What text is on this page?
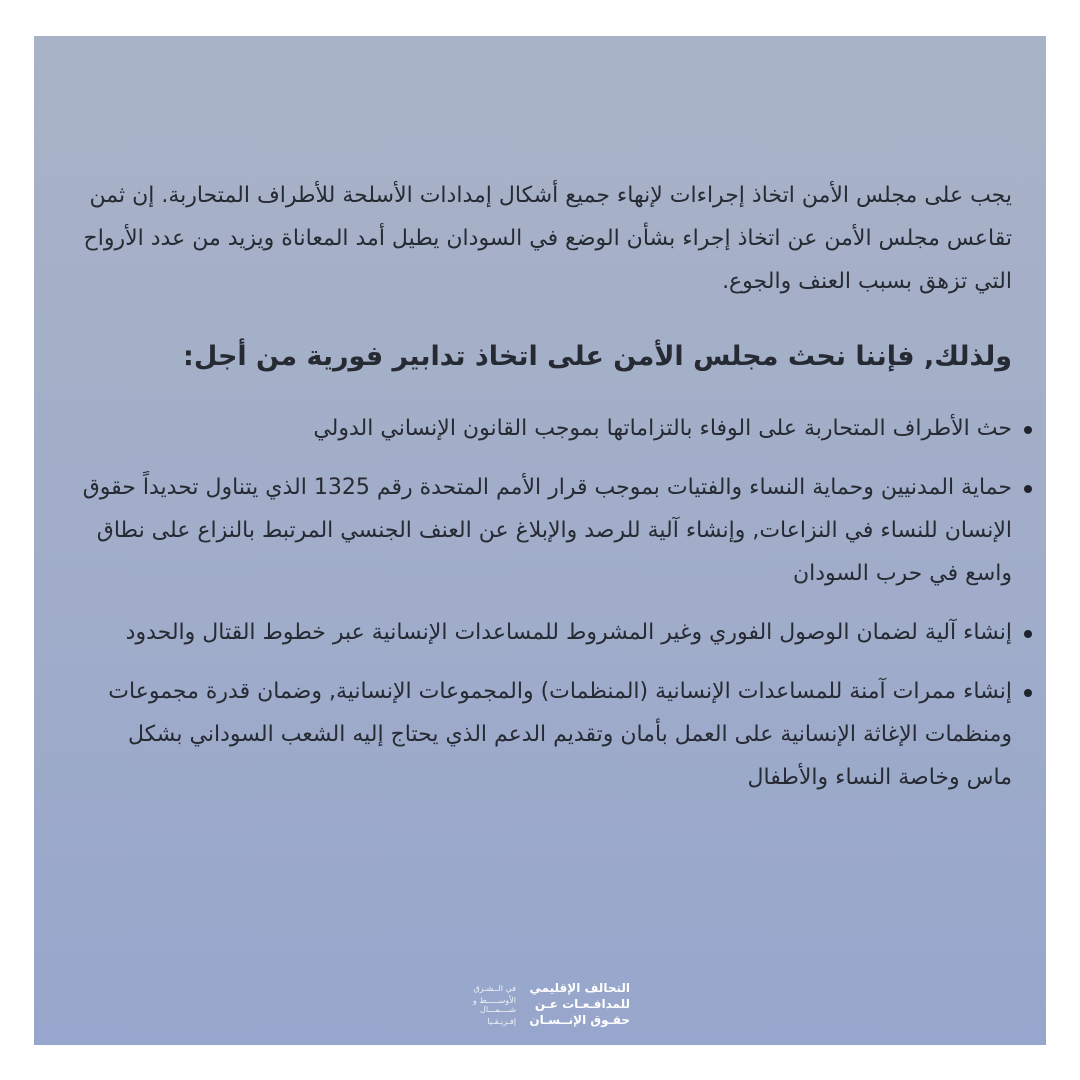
يجب على مجلس الأمن اتخاذ إجراءات لإنهاء جميع أشكال إمدادات الأسلحة للأطراف المتحاربة. إن ثمن تقاعس مجلس الأمن عن اتخاذ إجراء بشأن الوضع في السودان يطيل أمد المعاناة ويزيد من عدد الأرواح التي تزهق بسبب العنف والجوع.

ولذلك, فإننا نحث مجلس الأمن على اتخاذ تدابير فورية من أجل:
حث الأطراف المتحاربة على الوفاء بالتزاماتها بموجب القانون الإنساني الدولي
حماية المدنيين وحماية النساء والفتيات بموجب قرار الأمم المتحدة رقم 1325 الذي يتناول تحديداً حقوق الإنسان للنساء في النزاعات, وإنشاء آلية للرصد والإبلاغ عن العنف الجنسي المرتبط بالنزاع على نطاق واسع في حرب السودان
إنشاء آلية لضمان الوصول الفوري وغير المشروط للمساعدات الإنسانية عبر خطوط القتال والحدود
إنشاء ممرات آمنة للمساعدات الإنسانية (المنظمات) والمجموعات الإنسانية, وضمان قدرة مجموعات ومنظمات الإغاثة الإنسانية على العمل بأمان وتقديم الدعم الذي يحتاج إليه الشعب السوداني بشكل ماس وخاصة النساء والأطفال
التحالف الإقليمي
للمدافـعـات عـن
حقـوق الإنــسـان
في الــشـرق
الأوســـــط و
شــــمـــال
إفـريـقـيا
